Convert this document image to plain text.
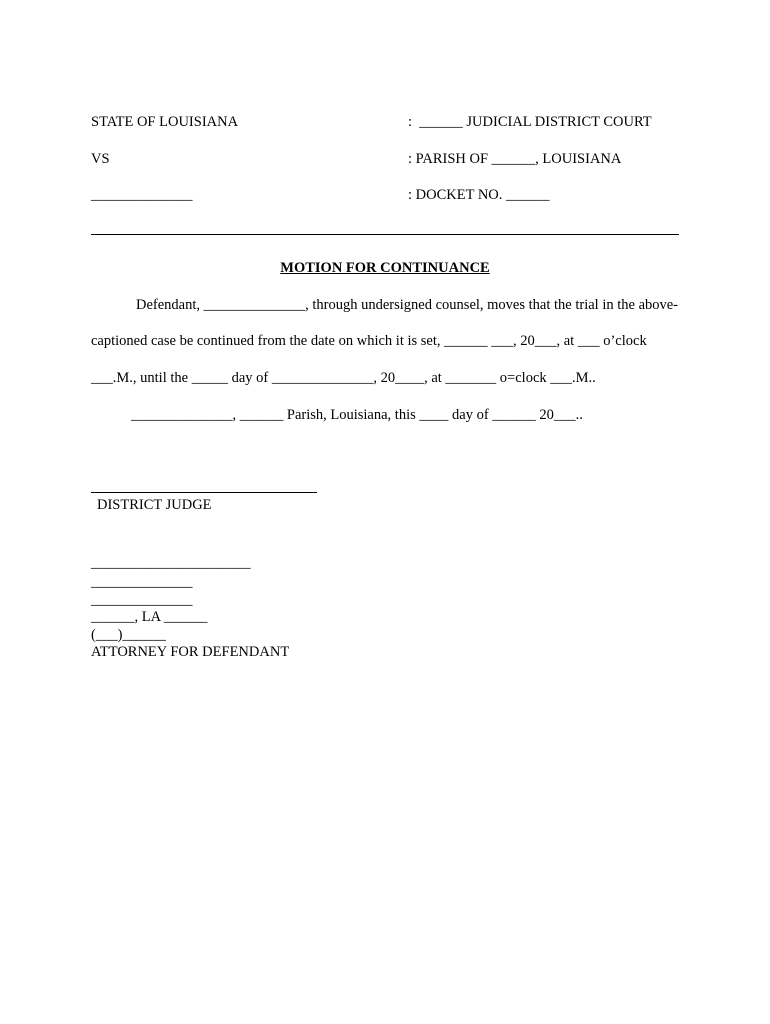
STATE OF LOUISIANA	:  ______ JUDICIAL DISTRICT COURT
VS	: PARISH OF ______, LOUISIANA
______________	: DOCKET NO. ______
MOTION FOR CONTINUANCE
Defendant, ______________, through undersigned counsel, moves that the trial in the above-
captioned case be continued from the date on which it is set, ______ ___, 20___, at ___ o’clock
___.M., until the _____ day of ______________, 20____, at _______ o=clock ___.M..
______________, ______ Parish, Louisiana, this ____ day of ______ 20___..
DISTRICT JUDGE
______________________
______________
______________
______, LA ______
(___)______
ATTORNEY FOR DEFENDANT
